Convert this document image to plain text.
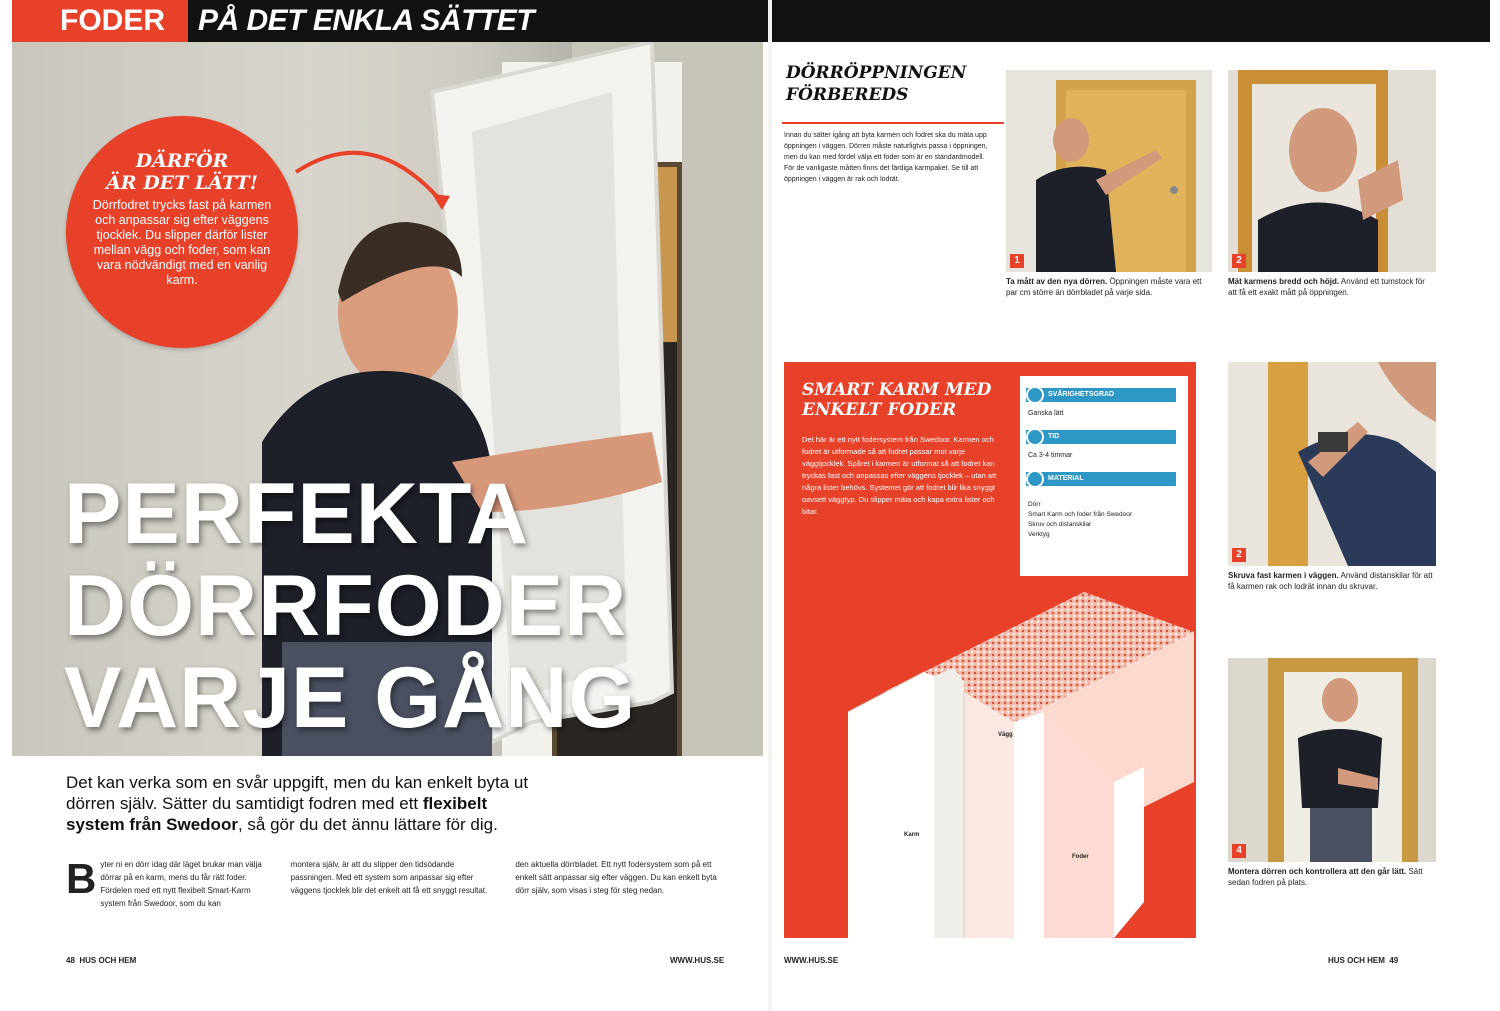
FODER	PÅ DET ENKLA SÄTTET

DÄRFÖR
ÄR DET LÄTT!

Dörrfodret trycks fast på karmen och anpassar sig efter väggens tjocklek. Du slipper därför lister mellan vägg och foder, som kan vara nödvändigt med en vanlig karm.

PERFEKTA
DÖRRFODER
VARJE GÅNG

Det kan verka som en svår uppgift, men du kan enkelt byta ut dörren själv. Sätter du samtidigt fodren med ett flexibelt system från Swedoor, så gör du det ännu lättare för dig.

B yter ni en dörr idag där läget brukar man välja dörrar på en karm, mens du får rätt foder. Fördelen med ett nytt flexibelt Smart-Karm system från Swedoor, som du kan
montera själv, är att du slipper den tidsödande passningen. Med ett system som anpassar sig efter väggens tjocklek blir det enkelt att få ett snyggt resultat.
den aktuella dörrbladet. Ett nytt fodersystem som på ett enkelt sätt anpassar sig efter väggen. Du kan enkelt byta dörr själv, som visas i steg för steg nedan.
48 HUS OCH HEM	WWW.HUS.SE
DÖRRÖPPNINGEN
FÖRBEREDS

Innan du sätter igång att byta karmen och fodret ska du mäta upp öppningen i väggen. Dörren måste naturligtvis passa i öppningen, men du kan med fördel välja ett foder som är en standardmodell. För de vanligaste måtten finns det färdiga karmpaket. Se till att öppningen i väggen är rak och lodrät.

1

Ta mått av den nya dörren. Öppningen måste vara ett par cm större än dörrbladet på varje sida.

2

Mät karmens bredd och höjd. Använd ett tumstock för att få ett exakt mått på öppningen.

2

Skruva fast karmen i väggen. Använd distanskilar för att få karmen rak och lodrät innan du skruvar.

4

Montera dörren och kontrollera att den går lätt. Sätt sedan fodren på plats.

SMART KARM MED
ENKELT FODER

Det här är ett nytt fodersystem från Swedoor. Karmen och fodret är utformade så att fodret passar mot varje väggtjocklek. Spåret i karmen är utformat så att fodret kan tryckas fast och anpassas efter väggens tjocklek – utan att några lister behövs. Systemet gör att fodret blir lika snyggt oavsett väggtyp. Du slipper mäta och kapa extra lister och bitar.

Vägg
Karm
Foder
SVÅRIGHETSGRAD
Ganska lätt
TID
Ca 3-4 timmar
MATERIAL
Dörr
Smart Karm och foder från Swedoor
Skruv och distanskilar
Verktyg
WWW.HUS.SE	HUS OCH HEM 49
